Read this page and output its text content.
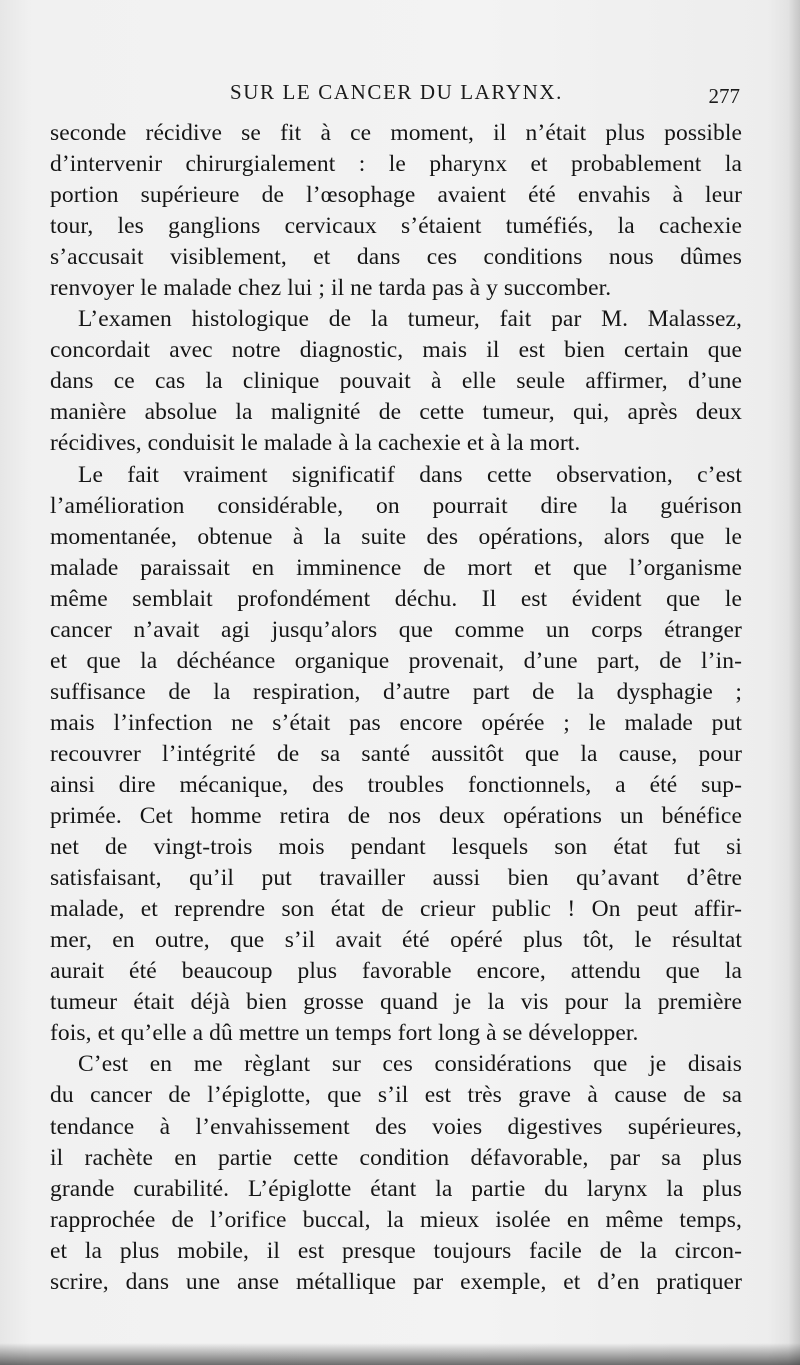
SUR LE CANCER DU LARYNX.	277
seconde récidive se fit à ce moment, il n’était plus possible
d’intervenir chirurgialement : le pharynx et probablement la
portion supérieure de l’œsophage avaient été envahis à leur
tour, les ganglions cervicaux s’étaient tuméfiés, la cachexie
s’accusait visiblement, et dans ces conditions nous dûmes
renvoyer le malade chez lui ; il ne tarda pas à y succomber.
L’examen histologique de la tumeur, fait par M. Malassez,
concordait avec notre diagnostic, mais il est bien certain que
dans ce cas la clinique pouvait à elle seule affirmer, d’une
manière absolue la malignité de cette tumeur, qui, après deux
récidives, conduisit le malade à la cachexie et à la mort.
Le fait vraiment significatif dans cette observation, c’est
l’amélioration considérable, on pourrait dire la guérison
momentanée, obtenue à la suite des opérations, alors que le
malade paraissait en imminence de mort et que l’organisme
même semblait profondément déchu. Il est évident que le
cancer n’avait agi jusqu’alors que comme un corps étranger
et que la déchéance organique provenait, d’une part, de l’in-
suffisance de la respiration, d’autre part de la dysphagie ;
mais l’infection ne s’était pas encore opérée ; le malade put
recouvrer l’intégrité de sa santé aussitôt que la cause, pour
ainsi dire mécanique, des troubles fonctionnels, a été sup-
primée. Cet homme retira de nos deux opérations un bénéfice
net de vingt-trois mois pendant lesquels son état fut si
satisfaisant, qu’il put travailler aussi bien qu’avant d’être
malade, et reprendre son état de crieur public ! On peut affir-
mer, en outre, que s’il avait été opéré plus tôt, le résultat
aurait été beaucoup plus favorable encore, attendu que la
tumeur était déjà bien grosse quand je la vis pour la première
fois, et qu’elle a dû mettre un temps fort long à se développer.
C’est en me règlant sur ces considérations que je disais
du cancer de l’épiglotte, que s’il est très grave à cause de sa
tendance à l’envahissement des voies digestives supérieures,
il rachète en partie cette condition défavorable, par sa plus
grande curabilité. L’épiglotte étant la partie du larynx la plus
rapprochée de l’orifice buccal, la mieux isolée en même temps,
et la plus mobile, il est presque toujours facile de la circon-
scrire, dans une anse métallique par exemple, et d’en pratiquer
